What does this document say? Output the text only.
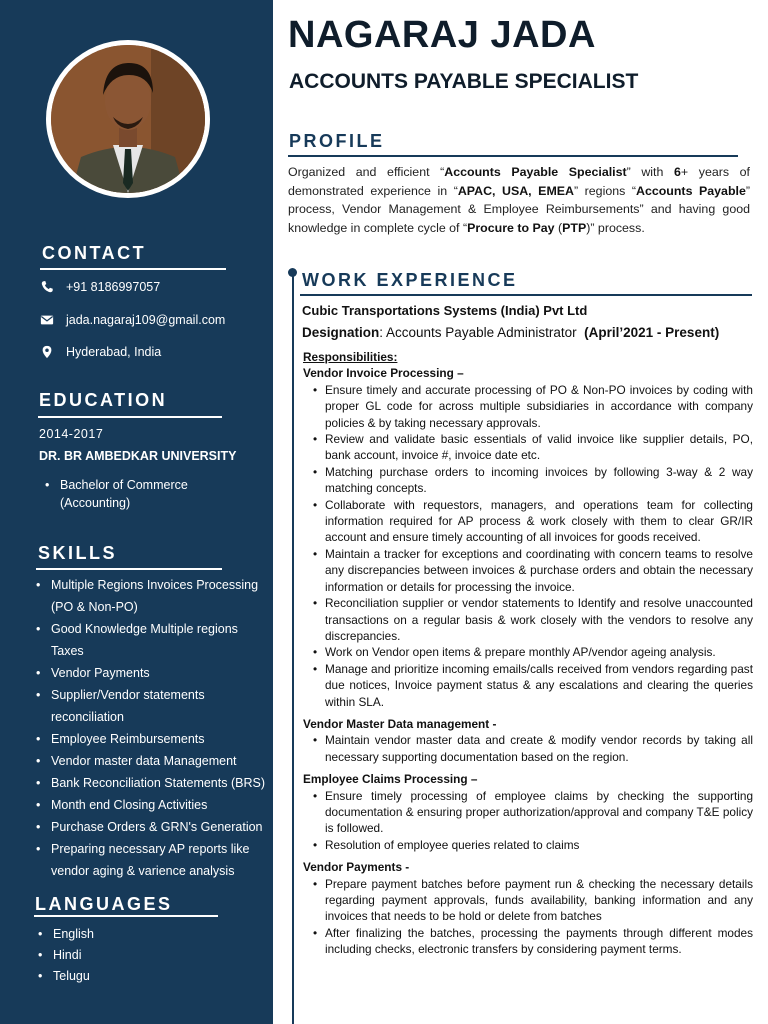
CONTACT
+91 8186997057
jada.nagaraj109@gmail.com
Hyderabad, India
EDUCATION
2014-2017
DR. BR AMBEDKAR UNIVERSITY
• Bachelor of Commerce (Accounting)
SKILLS
• Multiple Regions Invoices Processing (PO & Non-PO)
• Good Knowledge Multiple regions Taxes
• Vendor Payments
• Supplier/Vendor statements reconciliation
• Employee Reimbursements
• Vendor master data Management
• Bank Reconciliation Statements (BRS)
• Month end Closing Activities
• Purchase Orders & GRN's Generation
• Preparing necessary AP reports like vendor aging & varience analysis
LANGUAGES
• English
• Hindi
• Telugu
NAGARAJ JADA
ACCOUNTS PAYABLE SPECIALIST
PROFILE
Organized and efficient “Accounts Payable Specialist” with 6+ years of demonstrated experience in “APAC, USA, EMEA” regions “Accounts Payable” process, Vendor Management & Employee Reimbursements” and having good knowledge in complete cycle of “Procure to Pay (PTP)” process.
WORK EXPERIENCE
Cubic Transportations Systems (India) Pvt Ltd
Designation: Accounts Payable Administrator (April’2021 - Present)
Responsibilities:
Vendor Invoice Processing –
• Ensure timely and accurate processing of PO & Non-PO invoices by coding with proper GL code for across multiple subsidiaries in accordance with company policies & by taking necessary approvals.
• Review and validate basic essentials of valid invoice like supplier details, PO, bank account, invoice #, invoice date etc.
• Matching purchase orders to incoming invoices by following 3-way & 2 way matching concepts.
• Collaborate with requestors, managers, and operations team for collecting information required for AP process & work closely with them to clear GR/IR account and ensure timely accounting of all invoices for goods received.
• Maintain a tracker for exceptions and coordinating with concern teams to resolve any discrepancies between invoices & purchase orders and obtain the necessary information or details for processing the invoice.
• Reconciliation supplier or vendor statements to Identify and resolve unaccounted transactions on a regular basis & work closely with the vendors to resolve any discrepancies.
• Work on Vendor open items & prepare monthly AP/vendor ageing analysis.
• Manage and prioritize incoming emails/calls received from vendors regarding past due notices, Invoice payment status & any escalations and clearing the queries within SLA.
Vendor Master Data management -
• Maintain vendor master data and create & modify vendor records by taking all necessary supporting documentation based on the region.
Employee Claims Processing –
• Ensure timely processing of employee claims by checking the supporting documentation & ensuring proper authorization/approval and company T&E policy is followed.
• Resolution of employee queries related to claims
Vendor Payments -
• Prepare payment batches before payment run & checking the necessary details regarding payment approvals, funds availability, banking information and any invoices that needs to be hold or delete from batches
• After finalizing the batches, processing the payments through different modes including checks, electronic transfers by considering payment terms.
